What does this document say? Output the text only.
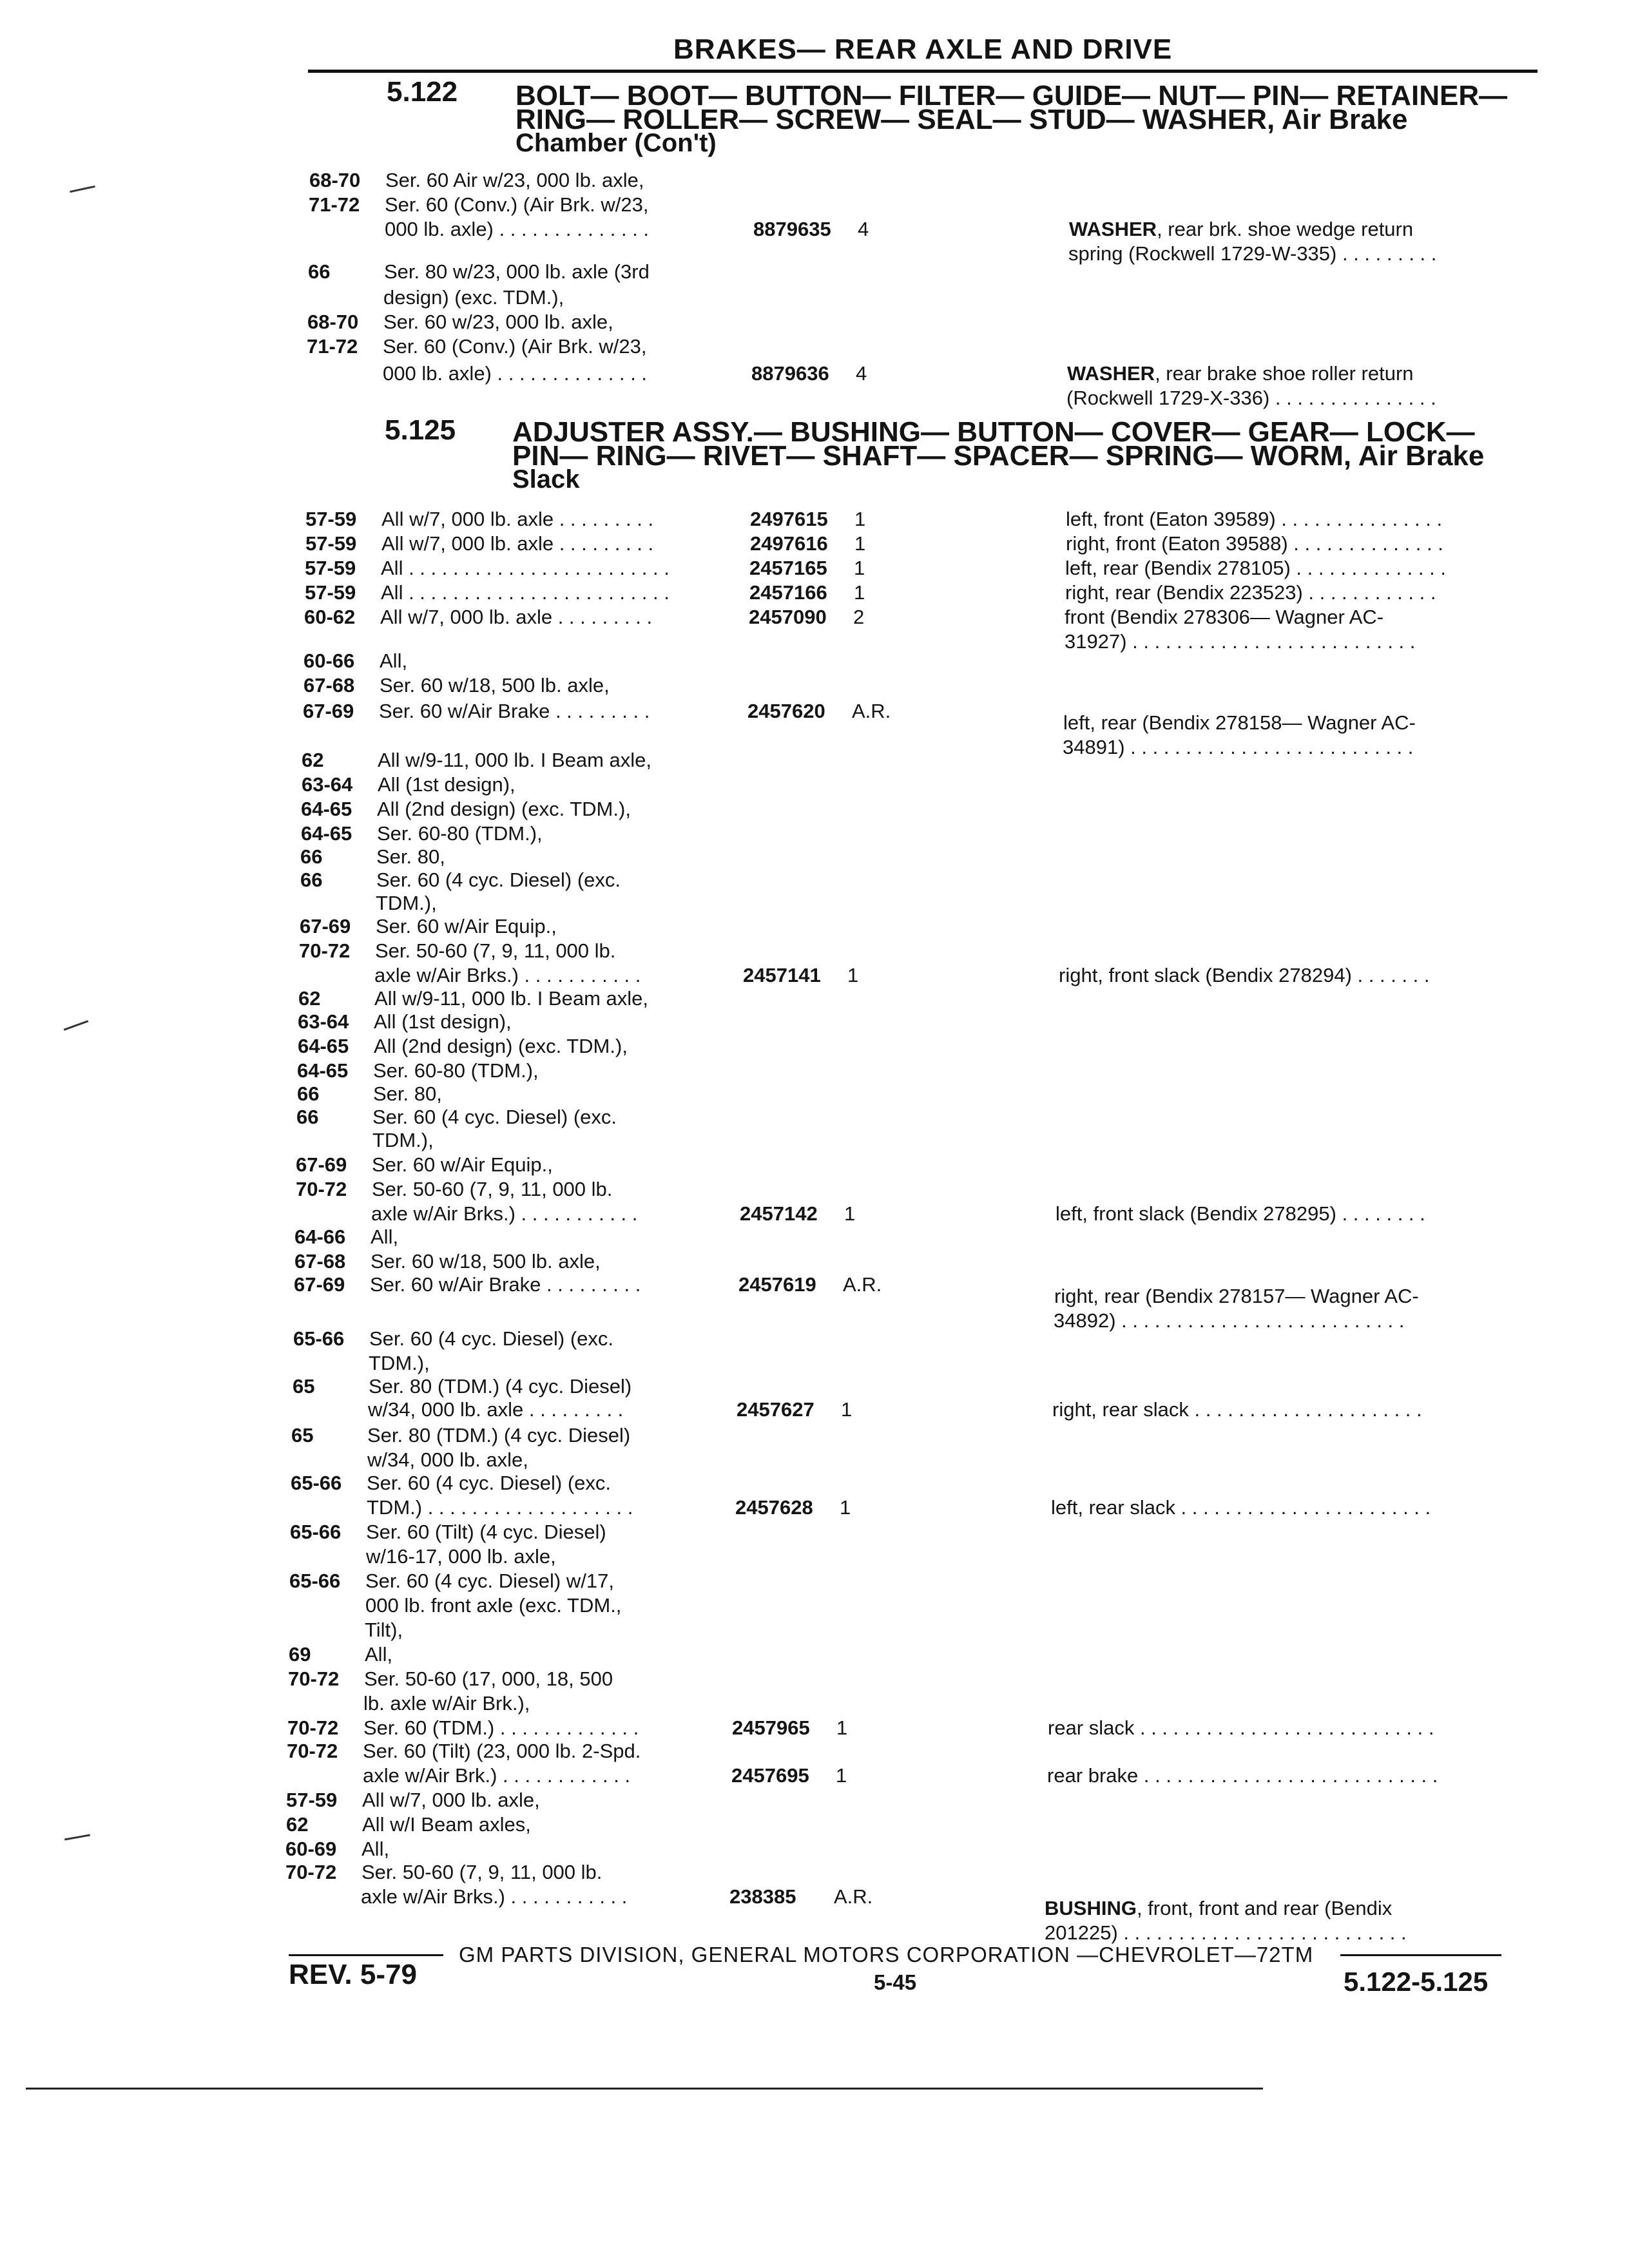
BRAKES— REAR AXLE AND DRIVE
5.122 BOLT— BOOT— BUTTON— FILTER— GUIDE— NUT— PIN— RETAINER—
RING— ROLLER— SCREW— SEAL— STUD— WASHER, Air Brake
Chamber (Con't)
5.125 ADJUSTER ASSY.— BUSHING— BUTTON— COVER— GEAR— LOCK—
PIN— RING— RIVET— SHAFT— SPACER— SPRING— WORM, Air Brake
Slack
68-70 Ser. 60 Air w/23, 000 lb. axle,
71-72 Ser. 60 (Conv.) (Air Brk. w/23,
000 lb. axle) . . . . . . . . . . . . . .	8879635 4	WASHER, rear brk. shoe wedge return
spring (Rockwell 1729-W-335) . . . . . . . . .
66	Ser. 80 w/23, 000 lb. axle (3rd
design) (exc. TDM.),
68-70 Ser. 60 w/23, 000 lb. axle,
71-72 Ser. 60 (Conv.) (Air Brk. w/23,
000 lb. axle) . . . . . . . . . . . . . .	8879636 4	WASHER, rear brake shoe roller return
(Rockwell 1729-X-336) . . . . . . . . . . . . . . .
57-59 All w/7, 000 lb. axle . . . . . . . . .	2497615 1	left, front (Eaton 39589) . . . . . . . . . . . . . . .
57-59 All w/7, 000 lb. axle . . . . . . . . .	2497616 1	right, front (Eaton 39588) . . . . . . . . . . . . . .
57-59 All . . . . . . . . . . . . . . . . . . . . . . . .	2457165 1	left, rear (Bendix 278105) . . . . . . . . . . . . . .
57-59 All . . . . . . . . . . . . . . . . . . . . . . . .	2457166 1	right, rear (Bendix 223523) . . . . . . . . . . . .
60-62 All w/7, 000 lb. axle . . . . . . . . .	2457090 2	front (Bendix 278306— Wagner AC-
31927) . . . . . . . . . . . . . . . . . . . . . . . . . .
60-66 All,
67-68 Ser. 60 w/18, 500 lb. axle,
67-69 Ser. 60 w/Air Brake . . . . . . . . .	2457620 A.R.
left, rear (Bendix 278158— Wagner AC-
34891) . . . . . . . . . . . . . . . . . . . . . . . . . .
62	All w/9-11, 000 lb. I Beam axle,
63-64 All (1st design),
64-65 All (2nd design) (exc. TDM.),
64-65 Ser. 60-80 (TDM.),
66	Ser. 80,
66	Ser. 60 (4 cyc. Diesel) (exc.
TDM.),
67-69 Ser. 60 w/Air Equip.,
70-72 Ser. 50-60 (7, 9, 11, 000 lb.
axle w/Air Brks.) . . . . . . . . . . .	2457141 1	right, front slack (Bendix 278294) . . . . . . .
62	All w/9-11, 000 lb. I Beam axle,
63-64 All (1st design),
64-65 All (2nd design) (exc. TDM.),
64-65 Ser. 60-80 (TDM.),
66	Ser. 80,
66	Ser. 60 (4 cyc. Diesel) (exc.
TDM.),
67-69 Ser. 60 w/Air Equip.,
70-72 Ser. 50-60 (7, 9, 11, 000 lb.
axle w/Air Brks.) . . . . . . . . . . .	2457142 1	left, front slack (Bendix 278295) . . . . . . . .
64-66 All,
67-68 Ser. 60 w/18, 500 lb. axle,
67-69 Ser. 60 w/Air Brake . . . . . . . . .	2457619 A.R.
right, rear (Bendix 278157— Wagner AC-
34892) . . . . . . . . . . . . . . . . . . . . . . . . . .
65-66 Ser. 60 (4 cyc. Diesel) (exc.
TDM.),
65	Ser. 80 (TDM.) (4 cyc. Diesel)
w/34, 000 lb. axle . . . . . . . . .	2457627 1	right, rear slack . . . . . . . . . . . . . . . . . . . . .
65	Ser. 80 (TDM.) (4 cyc. Diesel)
w/34, 000 lb. axle,
65-66 Ser. 60 (4 cyc. Diesel) (exc.
TDM.) . . . . . . . . . . . . . . . . . . .	2457628 1	left, rear slack . . . . . . . . . . . . . . . . . . . . . . .
65-66 Ser. 60 (Tilt) (4 cyc. Diesel)
w/16-17, 000 lb. axle,
65-66 Ser. 60 (4 cyc. Diesel) w/17,
000 lb. front axle (exc. TDM.,
Tilt),
69	All,
70-72 Ser. 50-60 (17, 000, 18, 500
lb. axle w/Air Brk.),
70-72 Ser. 60 (TDM.) . . . . . . . . . . . . .	2457965 1	rear slack . . . . . . . . . . . . . . . . . . . . . . . . . . .
70-72 Ser. 60 (Tilt) (23, 000 lb. 2-Spd.
axle w/Air Brk.) . . . . . . . . . . . .	2457695 1	rear brake . . . . . . . . . . . . . . . . . . . . . . . . . . .
57-59 All w/7, 000 lb. axle,
62	All w/I Beam axles,
60-69 All,
70-72 Ser. 50-60 (7, 9, 11, 000 lb.
axle w/Air Brks.) . . . . . . . . . . .	238385 A.R.
BUSHING, front, front and rear (Bendix
201225) . . . . . . . . . . . . . . . . . . . . . . . . . .
GM PARTS DIVISION, GENERAL MOTORS CORPORATION —CHEVROLET—72TM
REV. 5-79	5-45	5.122-5.125
